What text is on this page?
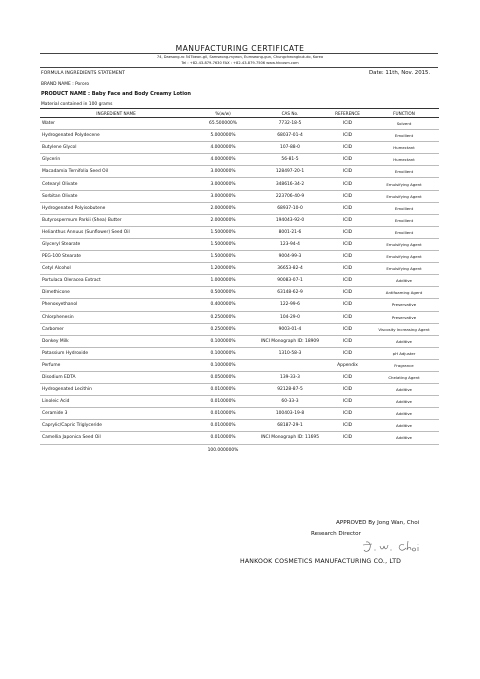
MANUFACTURING CERTIFICATE
74, Daesong-ro 547beon-gil, Samseong-myeon, Eumseong-gun, Chungcheongbuk-do, Korea
Tel : +82-43-879-7630 FAX : +82-43-879-7506 www.hkcosm.com
FORMULA INGREDIENTS STATEMENT	Date: 11th, Nov. 2015.
BRAND NAME : Pororo
PRODUCT NAME : Baby Face and Body Creamy Lotion
Material contained in 100 grams
INGREDIENT NAME	%(w/w)	CAS No.	REFERENCE	FUNCTION
Water	65.500000%	7732-18-5	ICID	Solvent
Hydrogenated Polydecene	5.000000%	68037-01-4	ICID	Emollient
Butylene Glycol	4.000000%	107-88-0	ICID	Humectant
Glycerin	4.000000%	56-81-5	ICID	Humectant
Macadamia Ternifolia Seed Oil	3.000000%	128497-20-1	ICID	Emollient
Cetearyl Olivate	3.000000%	348616-34-2	ICID	Emulsifying Agent
Sorbitan Olivate	3.000000%	223706-40-9	ICID	Emulsifying Agent
Hydrogenated Polyisobutene	2.000000%	68937-10-0	ICID	Emollient
Butyrospermum Parkii (Shea) Butter	2.000000%	194043-92-0	ICID	Emollient
Helianthus Annuus (Sunflower) Seed Oil	1.500000%	8001-21-6	ICID	Emollient
Glyceryl Stearate	1.500000%	123-94-4	ICID	Emulsifying Agent
PEG-100 Stearate	1.500000%	9004-99-3	ICID	Emulsifying Agent
Cetyl Alcohol	1.200000%	36653-82-4	ICID	Emulsifying Agent
Portulaca Oleracea Extract	1.000000%	90083-07-1	ICID	Additive
Dimethicone	0.500000%	63148-62-9	ICID	Antifoaming Agent
Phenoxyethanol	0.400000%	122-99-6	ICID	Preservative
Chlorphenesin	0.250000%	104-29-0	ICID	Preservative
Carbomer	0.250000%	9003-01-4	ICID	Viscosity Increasing Agent
Donkey Milk	0.100000%	INCI Monograph ID: 18909	ICID	Additive
Potassium Hydroxide	0.100000%	1310-58-3	ICID	pH Adjuster
Perfume	0.100000%		Appendix	Fragrance
Disodium EDTA	0.050000%	139-33-3	ICID	Chelating Agent
Hydrogenated Lecithin	0.010000%	92128-87-5	ICID	Additive
Linoleic Acid	0.010000%	60-33-3	ICID	Additive
Ceramide 3	0.010000%	100403-19-8	ICID	Additive
Caprylic/Capric Triglyceride	0.010000%	68187-29-1	ICID	Additive
Camellia Japonica Seed Oil	0.010000%	INCI Monograph ID: 11695	ICID	Additive
	100.000000%			
APPROVED By Jong Wan, Choi
Research Director
HANKOOK COSMETICS MANUFACTURING CO., LTD
